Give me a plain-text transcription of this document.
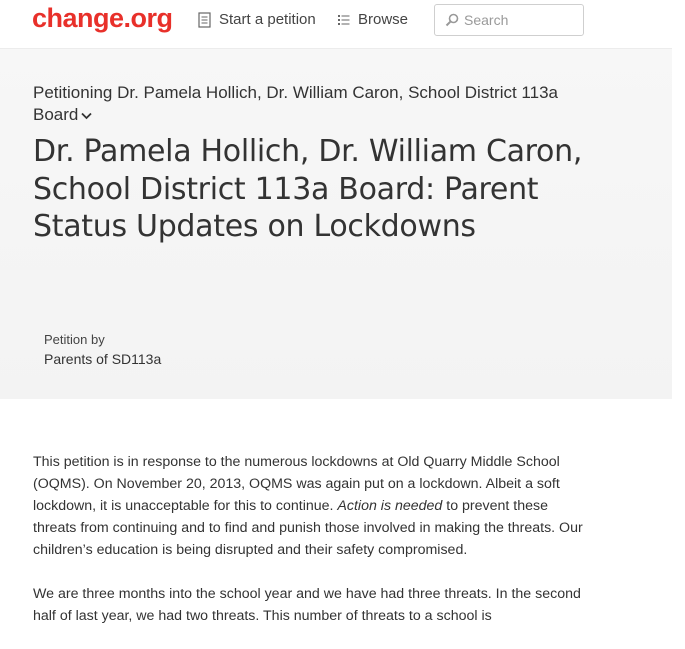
change.org	Start a petition	Browse
Search
Petitioning Dr. Pamela Hollich, Dr. William Caron, School District 113a Board
Dr. Pamela Hollich, Dr. William Caron, School District 113a Board: Parent Status Updates on Lockdowns
Petition by
Parents of SD113a

This petition is in response to the numerous lockdowns at Old Quarry Middle School (OQMS). On November 20, 2013, OQMS was again put on a lockdown. Albeit a soft lockdown, it is unacceptable for this to continue. Action is needed to prevent these threats from continuing and to find and punish those involved in making the threats. Our children’s education is being disrupted and their safety compromised.

We are three months into the school year and we have had three threats. In the second half of last year, we had two threats. This number of threats to a school is
